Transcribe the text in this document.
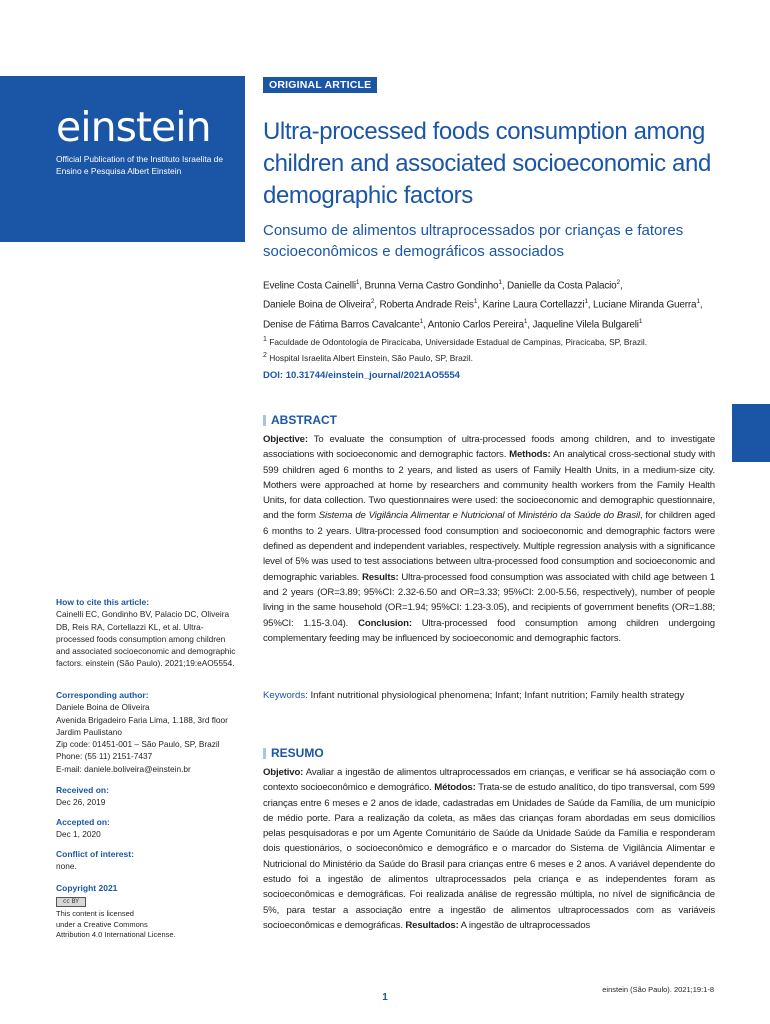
einstein
Official Publication of the Instituto Israelita de Ensino e Pesquisa Albert Einstein
ISSN: 1679-4508 | e-ISSN: 2317-6385
ORIGINAL ARTICLE
Ultra-processed foods consumption among children and associated socioeconomic and demographic factors
Consumo de alimentos ultraprocessados por crianças e fatores socioeconômicos e demográficos associados
Eveline Costa Cainelli$^1$, Brunna Verna Castro Gondinho$^1$, Danielle da Costa Palacio$^2$,
Daniele Boina de Oliveira$^2$, Roberta Andrade Reis$^1$, Karine Laura Cortellazzi$^1$, Luciane Miranda Guerra$^1$,
Denise de Fátima Barros Cavalcante$^1$, Antonio Carlos Pereira$^1$, Jaqueline Vilela Bulgareli$^1$
$^1$ Faculdade de Odontologia de Piracicaba, Universidade Estadual de Campinas, Piracicaba, SP, Brazil.
$^2$ Hospital Israelita Albert Einstein, São Paulo, SP, Brazil.
DOI: 10.31744/einstein_journal/2021AO5554
ABSTRACT
Objective: To evaluate the consumption of ultra-processed foods among children, and to investigate associations with socioeconomic and demographic factors. Methods: An analytical cross-sectional study with 599 children aged 6 months to 2 years, and listed as users of Family Health Units, in a medium-size city. Mothers were approached at home by researchers and community health workers from the Family Health Units, for data collection. Two questionnaires were used: the socioeconomic and demographic questionnaire, and the form Sistema de Vigilância Alimentar e Nutricional of Ministério da Saúde do Brasil, for children aged 6 months to 2 years. Ultra-processed food consumption and socioeconomic and demographic factors were defined as dependent and independent variables, respectively. Multiple regression analysis with a significance level of 5% was used to test associations between ultra-processed food consumption and socioeconomic and demographic variables. Results: Ultra-processed food consumption was associated with child age between 1 and 2 years (OR=3.89; 95%CI: 2.32-6.50 and OR=3.33; 95%CI: 2.00-5.56, respectively), number of people living in the same household (OR=1.94; 95%CI: 1.23-3.05), and recipients of government benefits (OR=1.88; 95%CI: 1.15-3.04). Conclusion: Ultra-processed food consumption among children undergoing complementary feeding may be influenced by socioeconomic and demographic factors.
Keywords: Infant nutritional physiological phenomena; Infant; Infant nutrition; Family health strategy
RESUMO
Objetivo: Avaliar a ingestão de alimentos ultraprocessados em crianças, e verificar se há associação com o contexto socioeconômico e demográfico. Métodos: Trata-se de estudo analítico, do tipo transversal, com 599 crianças entre 6 meses e 2 anos de idade, cadastradas em Unidades de Saúde da Família, de um município de médio porte. Para a realização da coleta, as mães das crianças foram abordadas em seus domicílios pelas pesquisadoras e por um Agente Comunitário de Saúde da Unidade Saúde da Família e responderam dois questionários, o socioeconômico e demográfico e o marcador do Sistema de Vigilância Alimentar e Nutricional do Ministério da Saúde do Brasil para crianças entre 6 meses e 2 anos. A variável dependente do estudo foi a ingestão de alimentos ultraprocessados pela criança e as independentes foram as socioeconômicas e demográficas. Foi realizada análise de regressão múltipla, no nível de significância de 5%, para testar a associação entre a ingestão de alimentos ultraprocessados com as variáveis socioeconômicas e demográficas. Resultados: A ingestão de ultraprocessados
How to cite this article:
Cainelli EC, Gondinho BV, Palacio DC, Oliveira DB, Reis RA, Cortellazzi KL, et al. Ultra-processed foods consumption among children and associated socioeconomic and demographic factors. einstein (São Paulo). 2021;19:eAO5554.
Corresponding author:
Daniele Boina de Oliveira
Avenida Brigadeiro Faria Lima, 1.188, 3rd floor
Jardim Paulistano
Zip code: 01451-001 – São Paulo, SP, Brazil
Phone: (55 11) 2151-7437
E-mail: daniele.boliveira@einstein.br
Received on:
Dec 26, 2019
Accepted on:
Dec 1, 2020
Conflict of interest:
none.
Copyright 2021
cc BY
This content is licensed
under a Creative Commons
Attribution 4.0 International License.
einstein (São Paulo). 2021;19:1-8
1
